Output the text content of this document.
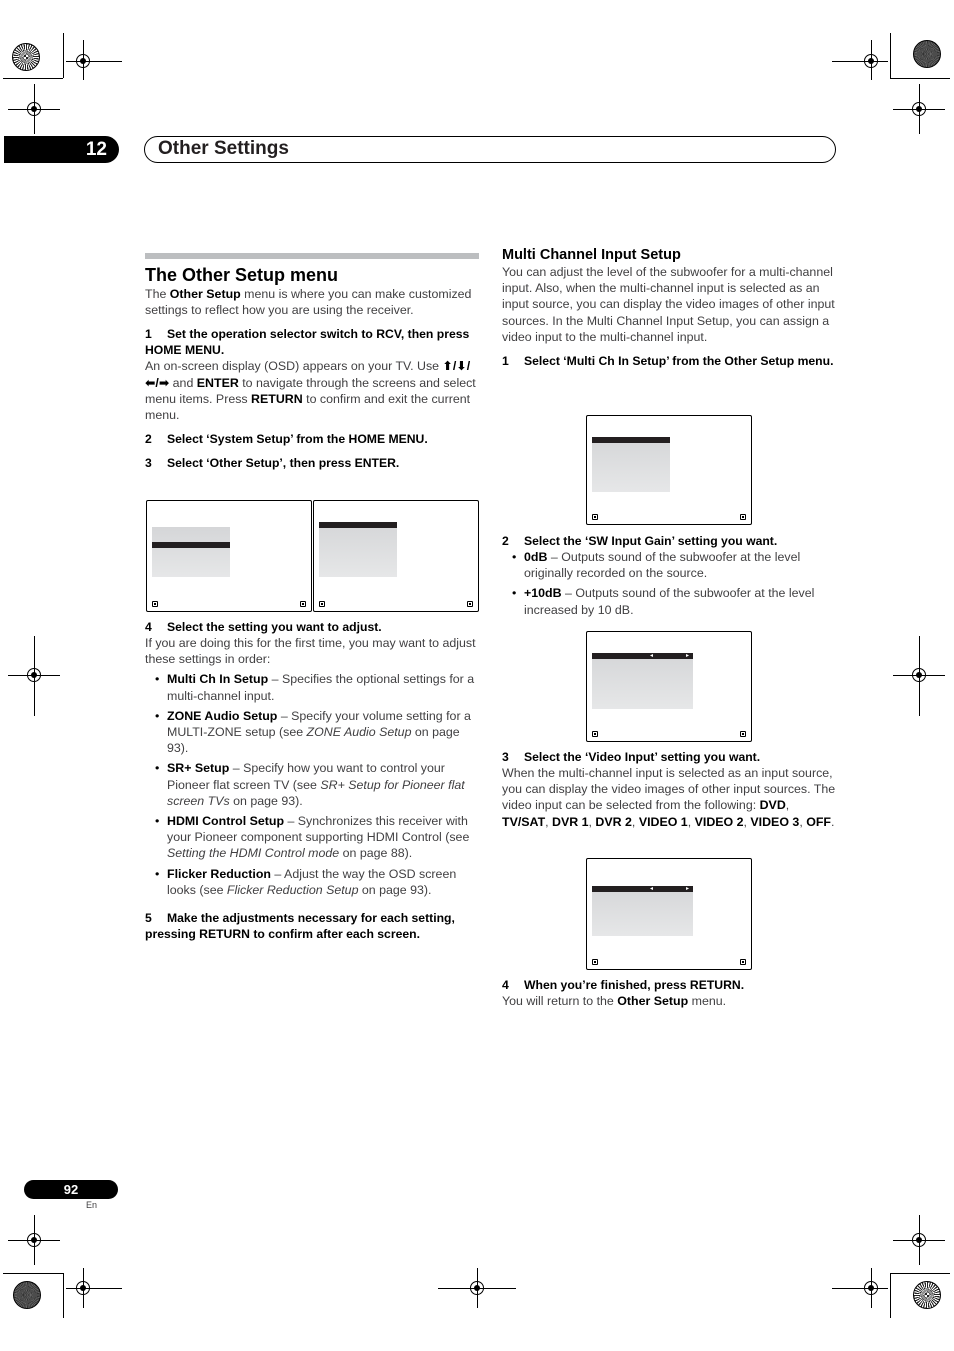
12	Other Settings

The Other Setup menu

The Other Setup menu is where you can make customized settings to reflect how you are using the receiver.

1 Set the operation selector switch to RCV, then press HOME MENU.

An on-screen display (OSD) appears on your TV. Use ⬆/⬇/⬅/➡ and ENTER to navigate through the screens and select menu items. Press RETURN to confirm and exit the current menu.

2 Select ‘System Setup’ from the HOME MENU.

3 Select ‘Other Setup’, then press ENTER.

4 Select the setting you want to adjust.

If you are doing this for the first time, you may want to adjust these settings in order:

• Multi Ch In Setup – Specifies the optional settings for a multi-channel input.

• ZONE Audio Setup – Specify your volume setting for a MULTI-ZONE setup (see ZONE Audio Setup on page 93).

• SR+ Setup – Specify how you want to control your Pioneer flat screen TV (see SR+ Setup for Pioneer flat screen TVs on page 93).

• HDMI Control Setup – Synchronizes this receiver with your Pioneer component supporting HDMI Control (see Setting the HDMI Control mode on page 88).

• Flicker Reduction – Adjust the way the OSD screen looks (see Flicker Reduction Setup on page 93).

5 Make the adjustments necessary for each setting, pressing RETURN to confirm after each screen.

Multi Channel Input Setup

You can adjust the level of the subwoofer for a multi-channel input. Also, when the multi-channel input is selected as an input source, you can display the video images of other input sources. In the Multi Channel Input Setup, you can assign a video input to the multi-channel input.

1 Select ‘Multi Ch In Setup’ from the Other Setup menu.

2 Select the ‘SW Input Gain’ setting you want.

• 0dB – Outputs sound of the subwoofer at the level originally recorded on the source.

• +10dB – Outputs sound of the subwoofer at the level increased by 10 dB.

◂	▸

3 Select the ‘Video Input’ setting you want.

When the multi-channel input is selected as an input source, you can display the video images of other input sources. The video input can be selected from the following: DVD, TV/SAT, DVR 1, DVR 2, VIDEO 1, VIDEO 2, VIDEO 3, OFF.

◂	▸

4 When you’re finished, press RETURN.

You will return to the Other Setup menu.

92
En
